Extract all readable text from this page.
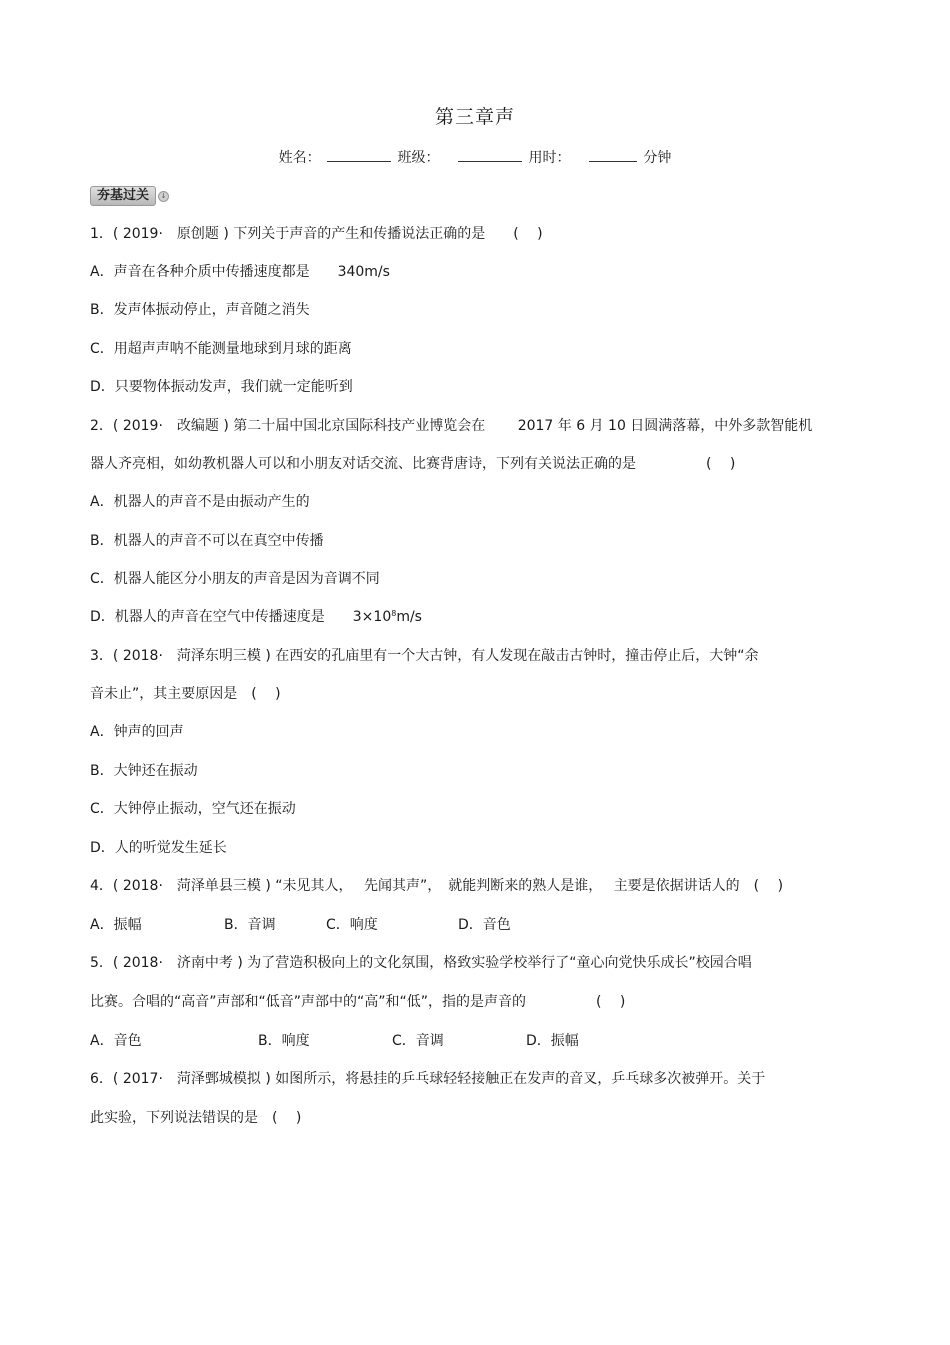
第三章声
姓名：	班级：	用时：	分钟
夯基过关	↓
1．( 2019·　原创题 ) 下列关于声音的产生和传播说法正确的是　　(　 )
A．声音在各种介质中传播速度都是　　340m/s
B．发声体振动停止，声音随之消失
C．用超声声呐不能测量地球到月球的距离
D．只要物体振动发声，我们就一定能听到
2．( 2019·　改编题 ) 第二十届中国北京国际科技产业博览会在　　 2017 年 6 月 10 日圆满落幕，中外多款智能机
器人齐亮相，如幼教机器人可以和小朋友对话交流、比赛背唐诗，下列有关说法正确的是　　　　　(　 )
A．机器人的声音不是由振动产生的
B．机器人的声音不可以在真空中传播
C．机器人能区分小朋友的声音是因为音调不同
D．机器人的声音在空气中传播速度是　　$3\times 10^8m/s$
3．( 2018·　菏泽东明三模 ) 在西安的孔庙里有一个大古钟，有人发现在敲击古钟时，撞击停止后，大钟“余
音未止”，其主要原因是　(　 )
A．钟声的回声
B．大钟还在振动
C．大钟停止振动，空气还在振动
D．人的听觉发生延长
4．( 2018·　菏泽单县三模 ) “未见其人，　 先闻其声”，　就能判断来的熟人是谁，　 主要是依据讲话人的　(　 )
A．振幅	B．音调	C．响度	D．音色
5．( 2018·　济南中考 ) 为了营造积极向上的文化氛围，格致实验学校举行了“童心向党快乐成长”校园合唱
比赛。合唱的“高音”声部和“低音”声部中的“高”和“低”，指的是声音的　　　　　(　 )
A．音色	B．响度	C．音调	D．振幅
6．( 2017·　菏泽鄄城模拟 ) 如图所示，将悬挂的乒乓球轻轻接触正在发声的音叉，乒乓球多次被弹开。关于
此实验，下列说法错误的是　(　 )
